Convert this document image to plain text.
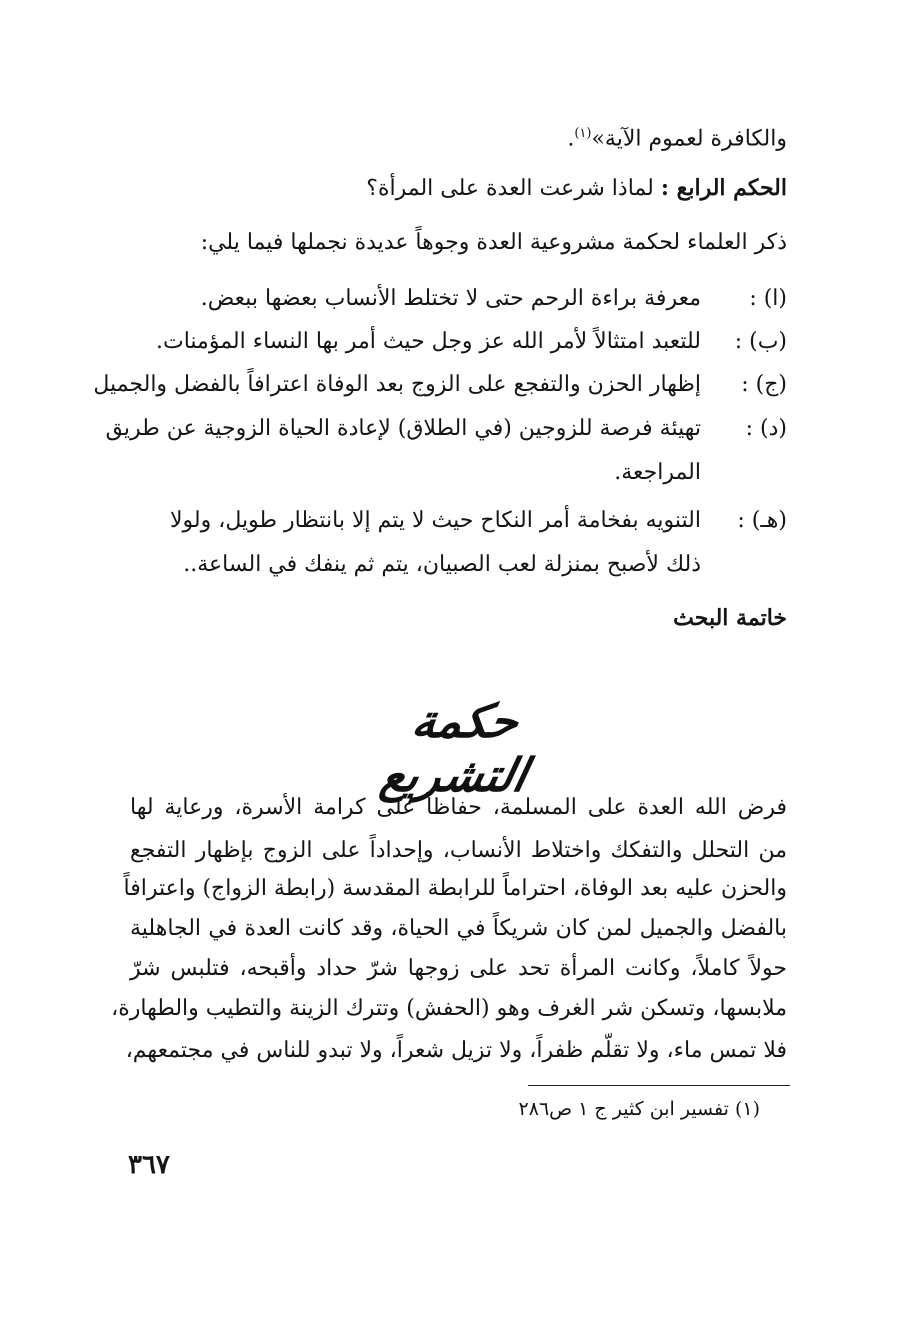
والكافرة لعموم الآية»$^{(١)}$.
الحكم الرابع : لماذا شرعت العدة على المرأة؟
ذكر العلماء لحكمة مشروعية العدة وجوهاً عديدة نجملها فيما يلي:
(ا) :
معرفة براءة الرحم حتى لا تختلط الأنساب بعضها ببعض.
(ب) :
للتعبد امتثالاً لأمر الله عز وجل حيث أمر بها النساء المؤمنات.
(ج) :
إظهار الحزن والتفجع على الزوج بعد الوفاة اعترافاً بالفضل والجميل
(د) :
تهيئة فرصة للزوجين (في الطلاق) لإعادة الحياة الزوجية عن طريق
المراجعة.
(هـ) :
التنويه بفخامة أمر النكاح حيث لا يتم إلا بانتظار طويل، ولولا
ذلك لأصبح بمنزلة لعب الصبيان، يتم ثم ينفك في الساعة..
خاتمة البحث
فرض الله العدة على المسلمة، حفاظاً على كرامة الأسرة، ورعاية لها
من التحلل والتفكك واختلاط الأنساب، وإحداداً على الزوج بإظهار التفجع
والحزن عليه بعد الوفاة، احتراماً للرابطة المقدسة (رابطة الزواج) واعترافاً
بالفضل والجميل لمن كان شريكاً في الحياة، وقد كانت العدة في الجاهلية
حولاً كاملاً، وكانت المرأة تحد على زوجها شرّ حداد وأقبحه، فتلبس شرّ
ملابسها، وتسكن شر الغرف وهو (الحفش) وتترك الزينة والتطيب والطهارة،
فلا تمس ماء، ولا تقلّم ظفراً، ولا تزيل شعراً، ولا تبدو للناس في مجتمعهم،
حكمة التشريع
(١) تفسير ابن كثير ج ١ ص٢٨٦
٣٦٧
